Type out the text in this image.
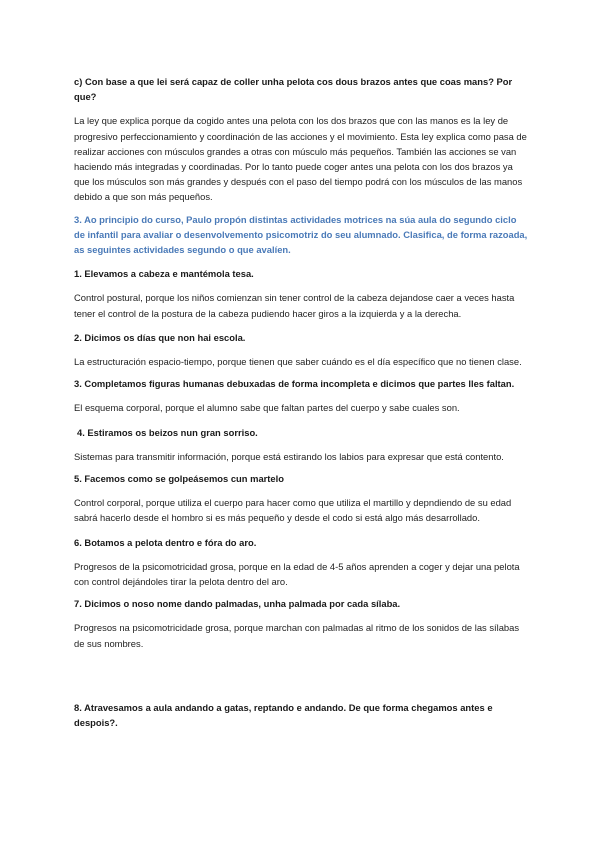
c) Con base a que lei será capaz de coller unha pelota cos dous brazos antes que coas mans? Por que?

La ley que explica porque da cogido antes una pelota con los dos brazos que con las manos es la ley de progresivo perfeccionamiento y coordinación de las acciones y el movimiento. Esta ley explica como pasa de realizar acciones con músculos grandes a otras con músculo más pequeños. También las acciones se van haciendo más integradas y coordinadas. Por lo tanto puede coger antes una pelota con los dos brazos ya que los músculos son más grandes y después con el paso del tiempo podrá con los músculos de las manos debido a que son más pequeños.

3. Ao principio do curso, Paulo propón distintas actividades motrices na súa aula do segundo ciclo de infantil para avaliar o desenvolvemento psicomotriz do seu alumnado. Clasifica, de forma razoada, as seguintes actividades segundo o que avalíen.

1. Elevamos a cabeza e mantémola tesa.

Control postural, porque los niños comienzan sin tener control de la cabeza dejandose caer a veces hasta tener el control de la postura de la cabeza pudiendo hacer giros a la izquierda y a la derecha.

2. Dicimos os días que non hai escola.

La estructuración espacio-tiempo, porque tienen que saber cuándo es el día específico que no tienen clase.

3. Completamos figuras humanas debuxadas de forma incompleta e dicimos que partes lles faltan.

El esquema corporal, porque el alumno sabe que faltan partes del cuerpo y sabe cuales son.

4. Estiramos os beizos nun gran sorriso.

Sistemas para transmitir información, porque está estirando los labios para expresar que está contento.

5. Facemos como se golpeásemos cun martelo

Control corporal, porque utiliza el cuerpo para hacer como que utiliza el martillo y depndiendo de su edad sabrá hacerlo desde el hombro si es más pequeño y desde el codo si está algo más desarrollado.

6. Botamos a pelota dentro e fóra do aro.

Progresos de la psicomotricidad grosa, porque en la edad de 4-5 años aprenden a coger y dejar una pelota con control dejándoles tirar la pelota dentro del aro.

7. Dicimos o noso nome dando palmadas, unha palmada por cada sílaba.

Progresos na psicomotricidade grosa, porque marchan con palmadas al ritmo de los sonidos de las sílabas de sus nombres.

8. Atravesamos a aula andando a gatas, reptando e andando. De que forma chegamos antes e despois?.
